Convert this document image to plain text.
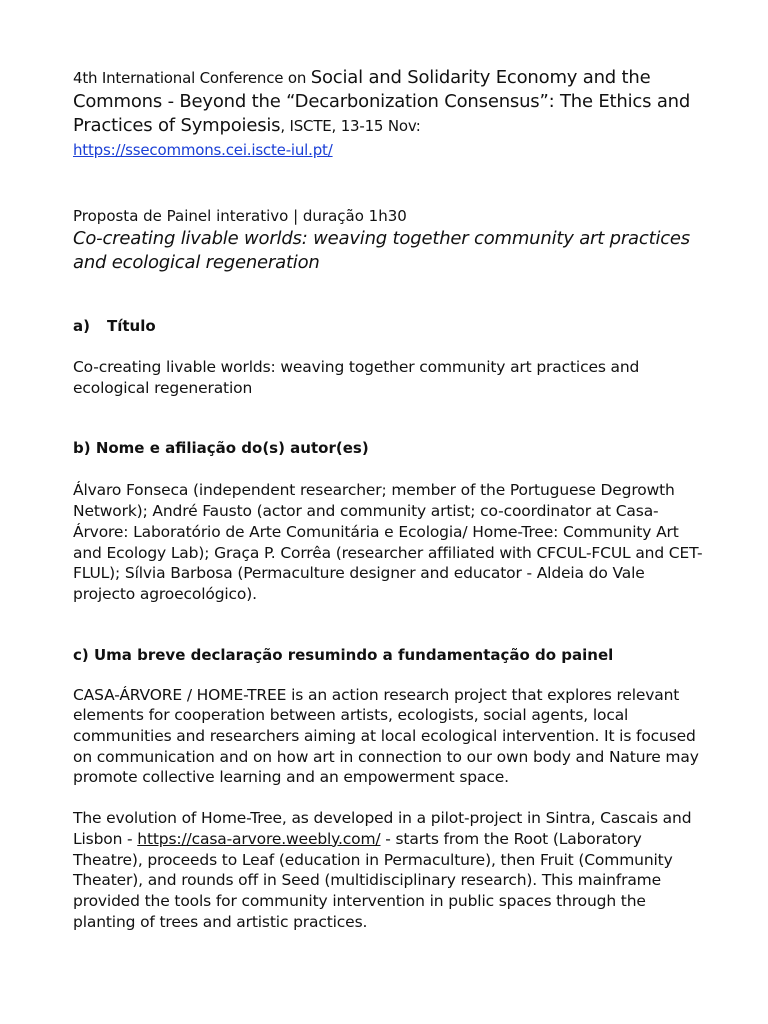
4th International Conference on Social and Solidarity Economy and the Commons - Beyond the “Decarbonization Consensus”: The Ethics and Practices of Sympoiesis, ISCTE, 13-15 Nov:
https://ssecommons.cei.iscte-iul.pt/
Proposta de Painel interativo | duração 1h30
Co-creating livable worlds: weaving together community art practices and ecological regeneration
a) Título
Co-creating livable worlds: weaving together community art practices and ecological regeneration
b) Nome e afiliação do(s) autor(es)
Álvaro Fonseca (independent researcher; member of the Portuguese Degrowth Network); André Fausto (actor and community artist; co-coordinator at Casa-Árvore: Laboratório de Arte Comunitária e Ecologia/ Home-Tree: Community Art and Ecology Lab); Graça P. Corrêa (researcher affiliated with CFCUL-FCUL and CET-FLUL); Sílvia Barbosa (Permaculture designer and educator - Aldeia do Vale projecto agroecológico).
c) Uma breve declaração resumindo a fundamentação do painel
CASA-ÁRVORE / HOME-TREE is an action research project that explores relevant elements for cooperation between artists, ecologists, social agents, local communities and researchers aiming at local ecological intervention. It is focused on communication and on how art in connection to our own body and Nature may promote collective learning and an empowerment space.
The evolution of Home-Tree, as developed in a pilot-project in Sintra, Cascais and Lisbon - https://casa-arvore.weebly.com/ - starts from the Root (Laboratory Theatre), proceeds to Leaf (education in Permaculture), then Fruit (Community Theater), and rounds off in Seed (multidisciplinary research). This mainframe provided the tools for community intervention in public spaces through the planting of trees and artistic practices.
